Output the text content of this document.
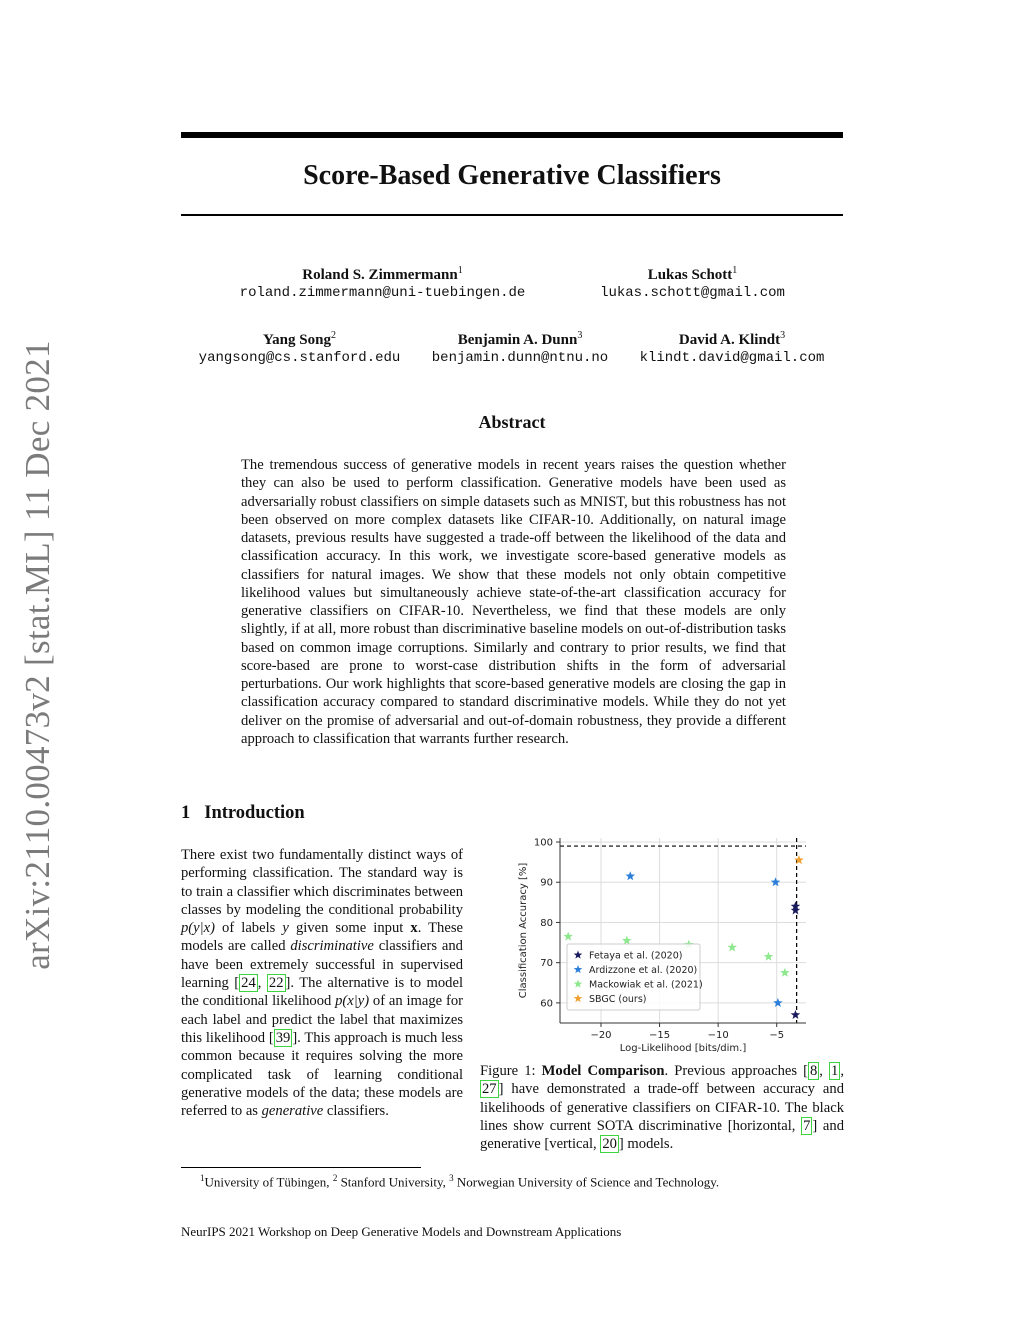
arXiv:2110.00473v2 [stat.ML] 11 Dec 2021
Score-Based Generative Classifiers
Roland S. Zimmermann$^1$
roland.zimmermann@uni-tuebingen.de
Lukas Schott$^1$
lukas.schott@gmail.com
Yang Song$^2$
yangsong@cs.stanford.edu
Benjamin A. Dunn$^3$
benjamin.dunn@ntnu.no
David A. Klindt$^3$
klindt.david@gmail.com
Abstract

The tremendous success of generative models in recent years raises the question whether they can also be used to perform classification. Generative models have been used as adversarially robust classifiers on simple datasets such as MNIST, but this robustness has not been observed on more complex datasets like CIFAR-10. Additionally, on natural image datasets, previous results have suggested a trade-off between the likelihood of the data and classification accuracy. In this work, we investigate score-based generative models as classifiers for natural images. We show that these models not only obtain competitive likelihood values but simultaneously achieve state-of-the-art classification accuracy for generative classifiers on CIFAR-10. Nevertheless, we find that these models are only slightly, if at all, more robust than discriminative baseline models on out-of-distribution tasks based on common image corruptions. Similarly and contrary to prior results, we find that score-based are prone to worst-case distribution shifts in the form of adversarial perturbations. Our work highlights that score-based generative models are closing the gap in classification accuracy compared to standard discriminative models. While they do not yet deliver on the promise of adversarial and out-of-domain robustness, they provide a different approach to classification that warrants further research.

1 Introduction

There exist two fundamentally distinct ways of performing classification. The standard way is to train a classifier which discriminates between classes by modeling the conditional probability p(y|x) of labels y given some input x. These models are called discriminative classifiers and have been extremely successful in supervised learning [ 24 , 22 ]. The alternative is to model the conditional likelihood p(x|y) of an image for each label and predict the label that maximizes this likelihood [ 39 ]. This approach is much less common because it requires solving the more complicated task of learning conditional generative models of the data; these models are referred to as generative classifiers.

−20	−15	−10	−5
60
70
80
90
100
Fetaya et al. (2020)
Ardizzone et al. (2020)
Mackowiak et al. (2021)
SBGC (ours)
Log-Likelihood [bits/dim.]
Classification Accuracy [%]

Figure 1: Model Comparison. Previous approaches [ 8 , 1 , 27 ] have demonstrated a trade-off between accuracy and likelihoods of generative classifiers on CIFAR-10. The black lines show current SOTA discriminative [horizontal, 7 ] and generative [vertical, 20 ] models.

$^1$University of Tübingen, $^2$ Stanford University, $^3$ Norwegian University of Science and Technology.

NeurIPS 2021 Workshop on Deep Generative Models and Downstream Applications
